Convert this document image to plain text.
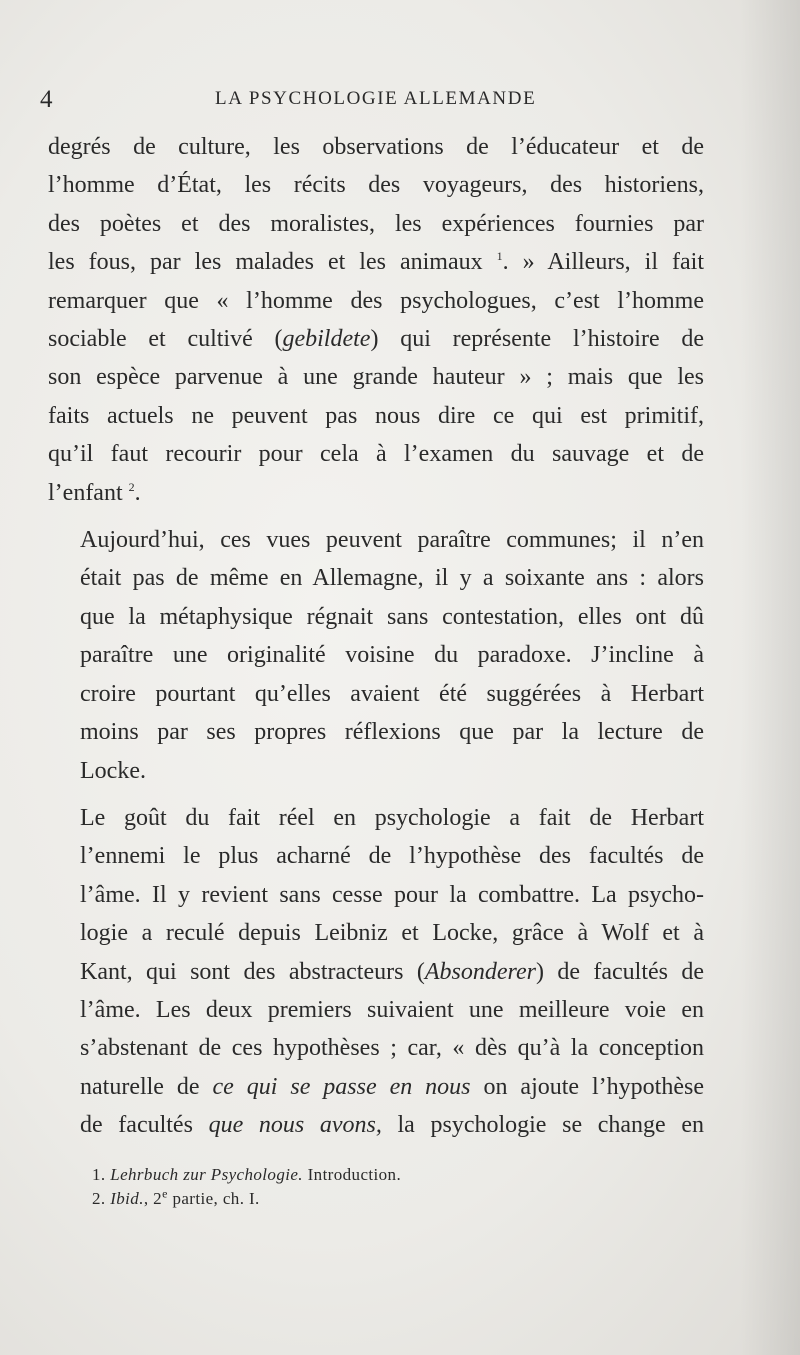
4	LA PSYCHOLOGIE ALLEMANDE

degrés de culture, les observations de l’éducateur et de
l’homme d’État, les récits des voyageurs, des historiens,
des poètes et des moralistes, les expériences fournies par
les fous, par les malades et les animaux $^1$. » Ailleurs, il fait
remarquer que « l’homme des psychologues, c’est l’homme
sociable et cultivé (gebildete) qui représente l’histoire de
son espèce parvenue à une grande hauteur » ; mais que les
faits actuels ne peuvent pas nous dire ce qui est primitif,
qu’il faut recourir pour cela à l’examen du sauvage et de
l’enfant $^2$.

Aujourd’hui, ces vues peuvent paraître communes; il n’en
était pas de même en Allemagne, il y a soixante ans : alors
que la métaphysique régnait sans contestation, elles ont dû
paraître une originalité voisine du paradoxe. J’incline à
croire pourtant qu’elles avaient été suggérées à Herbart
moins par ses propres réflexions que par la lecture de
Locke.

Le goût du fait réel en psychologie a fait de Herbart
l’ennemi le plus acharné de l’hypothèse des facultés de
l’âme. Il y revient sans cesse pour la combattre. La psycho-
logie a reculé depuis Leibniz et Locke, grâce à Wolf et à
Kant, qui sont des abstracteurs (Absonderer) de facultés de
l’âme. Les deux premiers suivaient une meilleure voie en
s’abstenant de ces hypothèses ; car, « dès qu’à la conception
naturelle de ce qui se passe en nous on ajoute l’hypothèse
de facultés que nous avons, la psychologie se change en

1. Lehrbuch zur Psychologie. Introduction.
2. Ibid., 2e partie, ch. I.
